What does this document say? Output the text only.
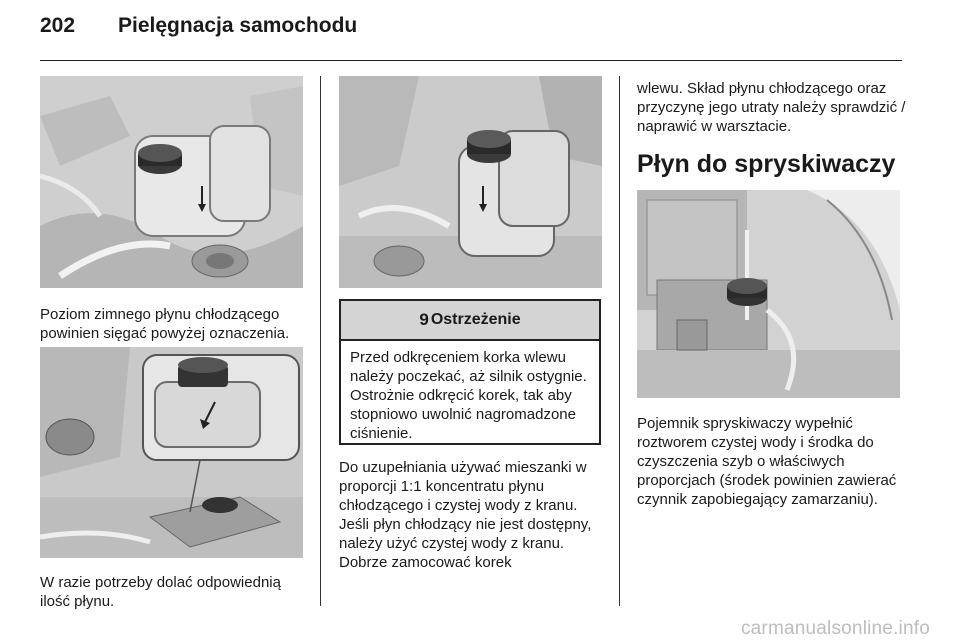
202	Pielęgnacja samochodu
Poziom zimnego płynu chłodzącego powinien sięgać powyżej oznaczenia.
W razie potrzeby dolać odpowiednią ilość płynu.
9 Ostrzeżenie
Przed odkręceniem korka wlewu należy poczekać, aż silnik ostygnie. Ostrożnie odkręcić korek, tak aby stopniowo uwolnić nagromadzone ciśnienie.
Do uzupełniania używać mieszanki w proporcji 1:1 koncentratu płynu chłodzącego i czystej wody z kranu. Jeśli płyn chłodzący nie jest dostępny, należy użyć czystej wody z kranu. Dobrze zamocować korek
wlewu. Skład płynu chłodzącego oraz przyczynę jego utraty należy sprawdzić / naprawić w warsztacie.
Płyn do spryskiwaczy
Pojemnik spryskiwaczy wypełnić roztworem czystej wody i środka do czyszczenia szyb o właściwych proporcjach (środek powinien zawierać czynnik zapobiegający zamarzaniu).
carmanualsonline.info
